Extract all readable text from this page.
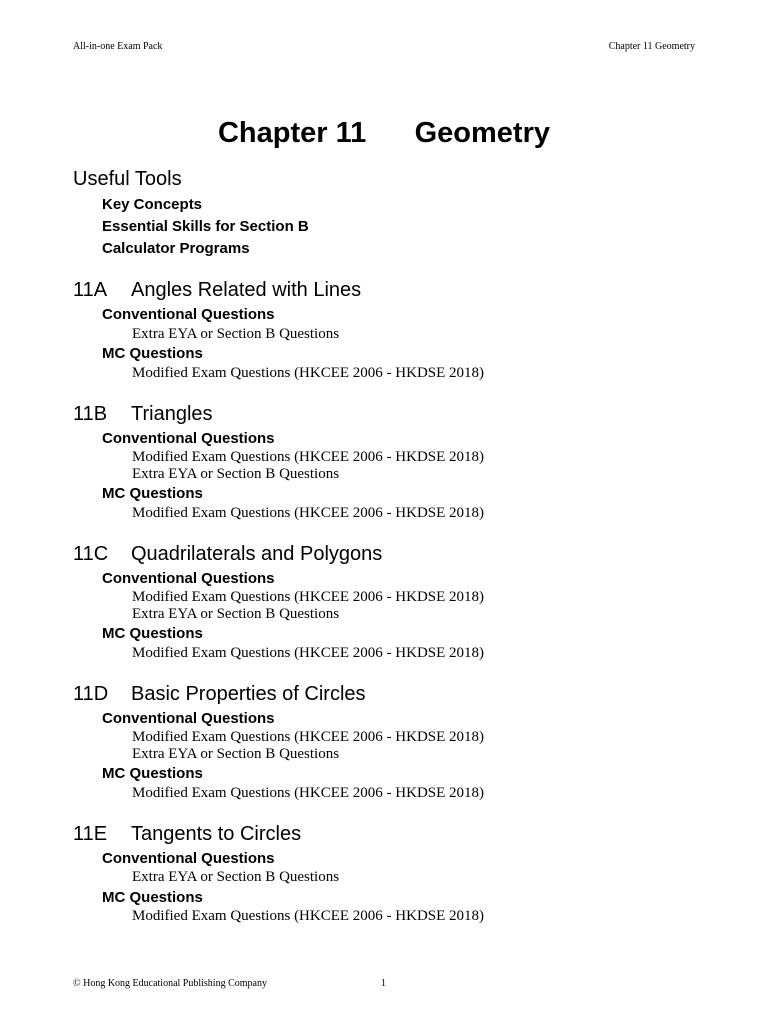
All-in-one Exam Pack	Chapter 11 Geometry
Chapter 11      Geometry
Useful Tools
Key Concepts
Essential Skills for Section B
Calculator Programs
11A Angles Related with Lines
Conventional Questions
Extra EYA or Section B Questions
MC Questions
Modified Exam Questions (HKCEE 2006 - HKDSE 2018)
11B Triangles
Conventional Questions
Modified Exam Questions (HKCEE 2006 - HKDSE 2018)
Extra EYA or Section B Questions
MC Questions
Modified Exam Questions (HKCEE 2006 - HKDSE 2018)
11C Quadrilaterals and Polygons
Conventional Questions
Modified Exam Questions (HKCEE 2006 - HKDSE 2018)
Extra EYA or Section B Questions
MC Questions
Modified Exam Questions (HKCEE 2006 - HKDSE 2018)
11D Basic Properties of Circles
Conventional Questions
Modified Exam Questions (HKCEE 2006 - HKDSE 2018)
Extra EYA or Section B Questions
MC Questions
Modified Exam Questions (HKCEE 2006 - HKDSE 2018)
11E Tangents to Circles
Conventional Questions
Extra EYA or Section B Questions
MC Questions
Modified Exam Questions (HKCEE 2006 - HKDSE 2018)
© Hong Kong Educational Publishing Company	1
